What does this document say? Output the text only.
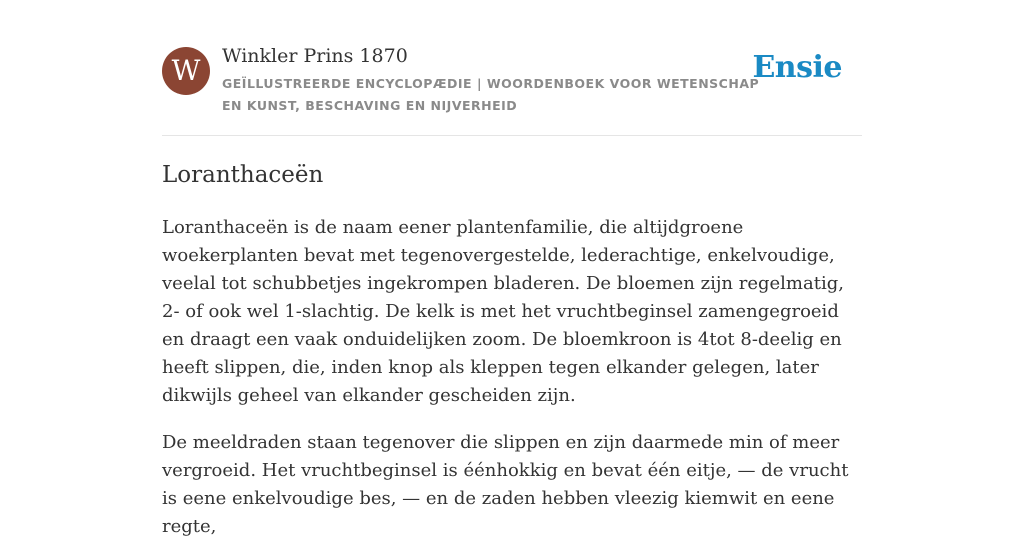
W	Winkler Prins 1870

GEÏLLUSTREERDE ENCYCLOPÆDIE | WOORDENBOEK VOOR WETENSCHAP EN KUNST, BESCHAVING EN NIJVERHEID

Ensie
Loranthaceën

Loranthaceën is de naam eener plantenfamilie, die altijdgroene woekerplanten bevat met tegenovergestelde, lederachtige, enkelvoudige, veelal tot schubbetjes ingekrompen bladeren. De bloemen zijn regelmatig, 2- of ook wel 1-slachtig. De kelk is met het vruchtbeginsel zamengegroeid en draagt een vaak onduidelijken zoom. De bloemkroon is 4tot 8-deelig en heeft slippen, die, inden knop als kleppen tegen elkander gelegen, later dikwijls geheel van elkander gescheiden zijn.

De meeldraden staan tegenover die slippen en zijn daarmede min of meer vergroeid. Het vruchtbeginsel is éénhokkig en bevat één eitje, — de vrucht is eene enkelvoudige bes, — en de zaden hebben vleezig kiemwit en eene regte,
